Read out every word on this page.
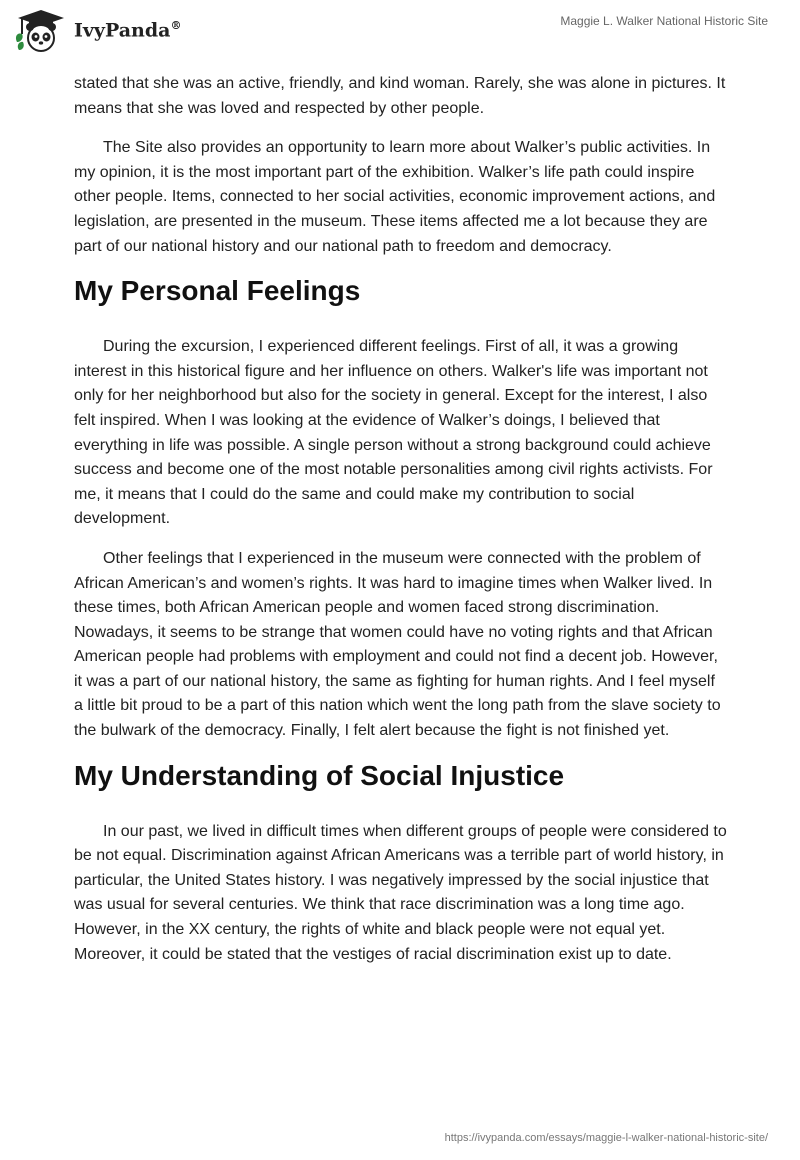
IvyPanda®	Maggie L. Walker National Historic Site

stated that she was an active, friendly, and kind woman. Rarely, she was alone in pictures. It means that she was loved and respected by other people.

The Site also provides an opportunity to learn more about Walker’s public activities. In my opinion, it is the most important part of the exhibition. Walker’s life path could inspire other people. Items, connected to her social activities, economic improvement actions, and legislation, are presented in the museum. These items affected me a lot because they are part of our national history and our national path to freedom and democracy.

My Personal Feelings

During the excursion, I experienced different feelings. First of all, it was a growing interest in this historical figure and her influence on others. Walker's life was important not only for her neighborhood but also for the society in general. Except for the interest, I also felt inspired. When I was looking at the evidence of Walker’s doings, I believed that everything in life was possible. A single person without a strong background could achieve success and become one of the most notable personalities among civil rights activists. For me, it means that I could do the same and could make my contribution to social development.

Other feelings that I experienced in the museum were connected with the problem of African American’s and women’s rights. It was hard to imagine times when Walker lived. In these times, both African American people and women faced strong discrimination. Nowadays, it seems to be strange that women could have no voting rights and that African American people had problems with employment and could not find a decent job. However, it was a part of our national history, the same as fighting for human rights. And I feel myself a little bit proud to be a part of this nation which went the long path from the slave society to the bulwark of the democracy. Finally, I felt alert because the fight is not finished yet.

My Understanding of Social Injustice

In our past, we lived in difficult times when different groups of people were considered to be not equal. Discrimination against African Americans was a terrible part of world history, in particular, the United States history. I was negatively impressed by the social injustice that was usual for several centuries. We think that race discrimination was a long time ago. However, in the XX century, the rights of white and black people were not equal yet. Moreover, it could be stated that the vestiges of racial discrimination exist up to date.

https://ivypanda.com/essays/maggie-l-walker-national-historic-site/
